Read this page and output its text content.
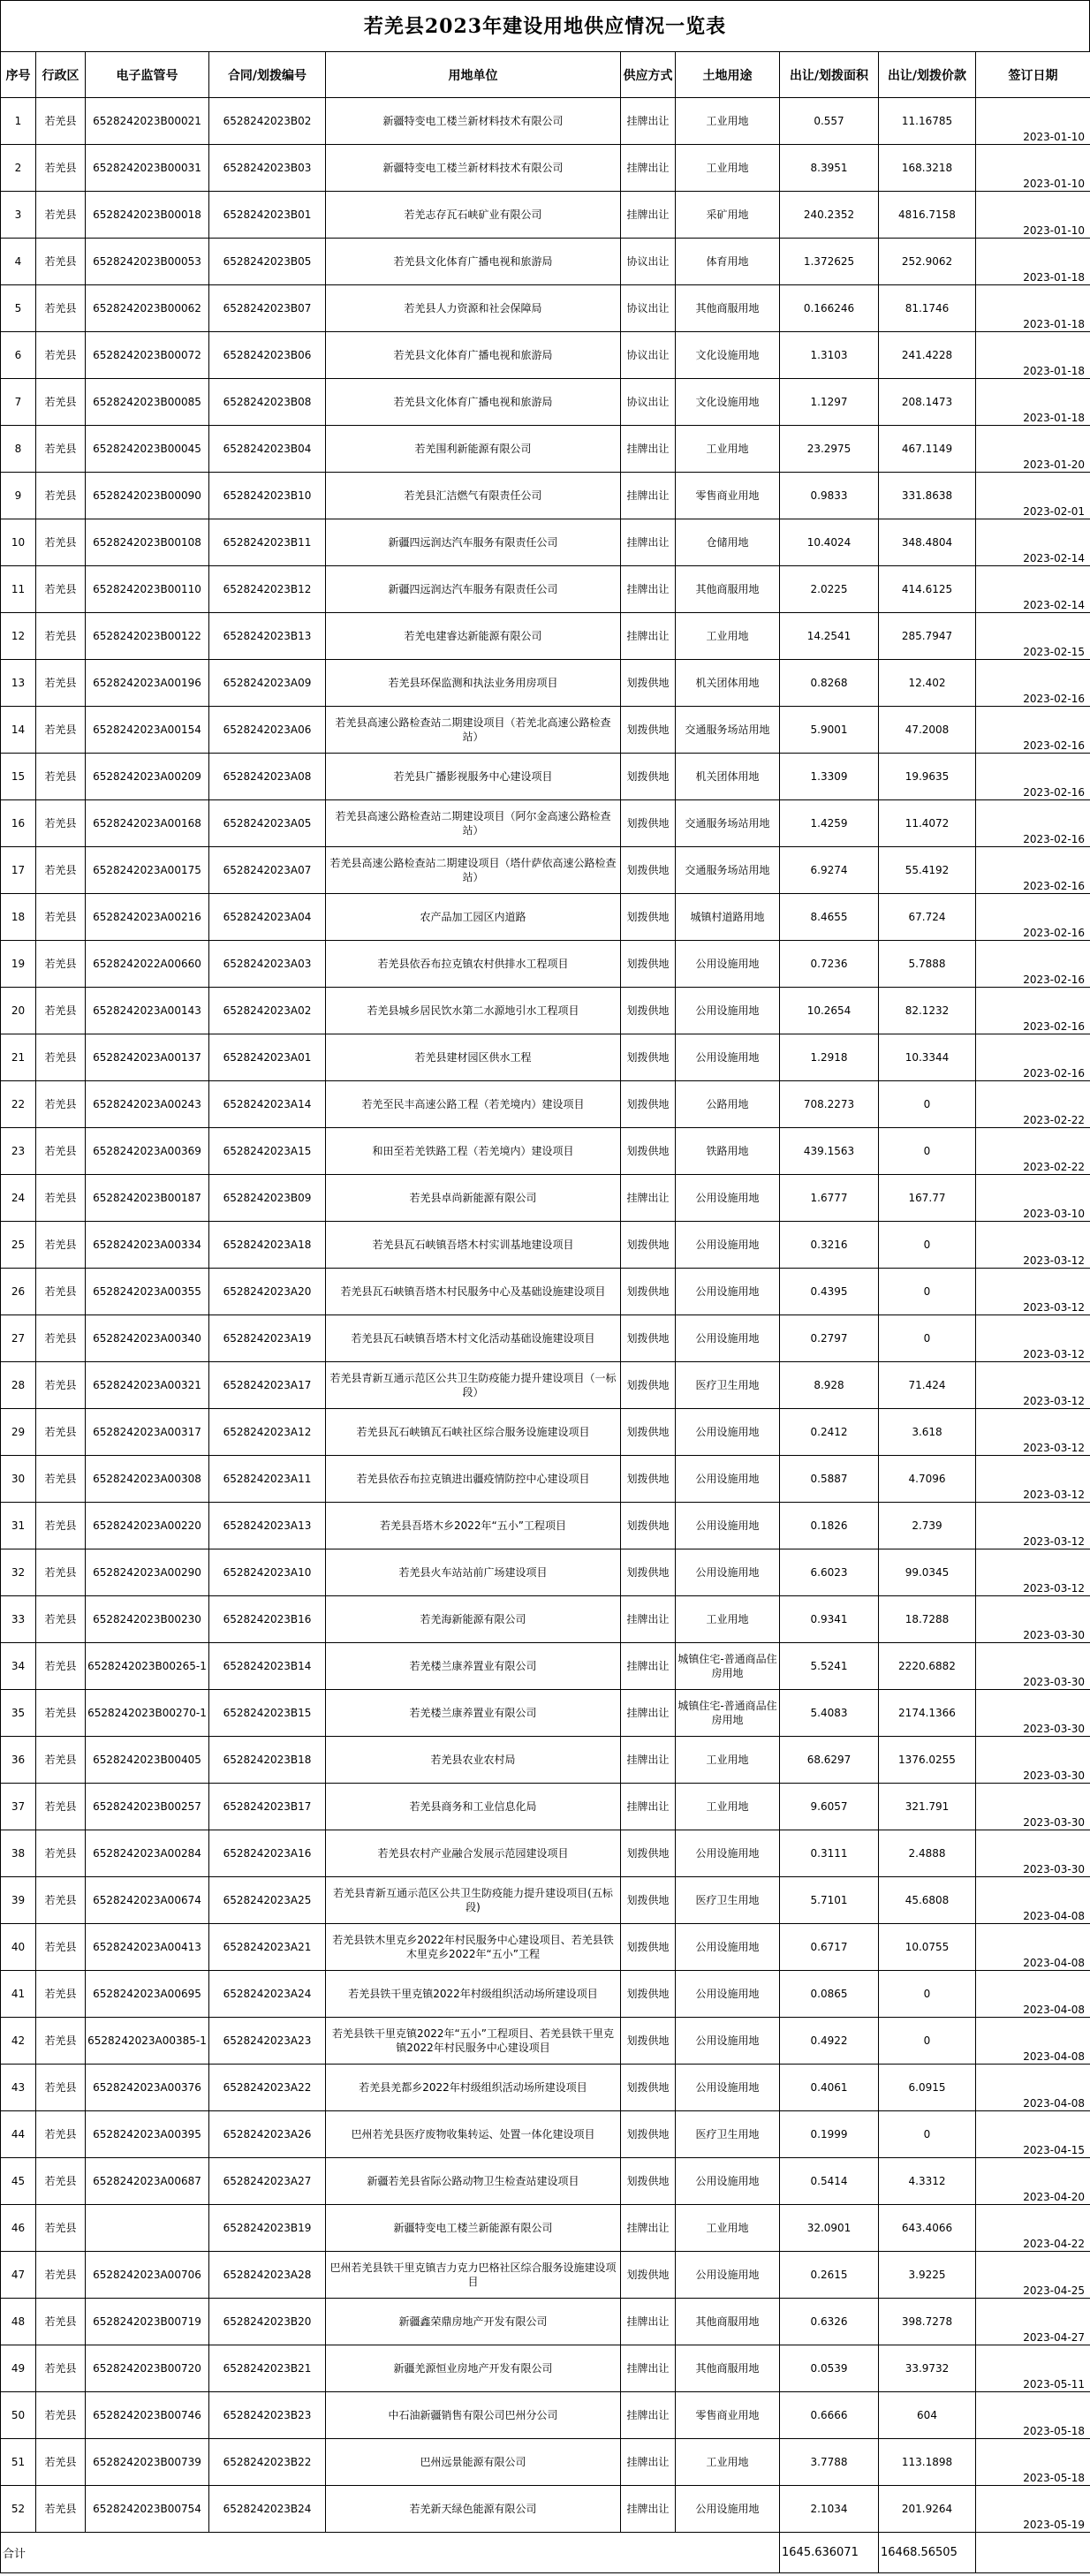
若羌县2023年建设用地供应情况一览表
序号	行政区	电子监管号	合同/划拨编号	用地单位	供应方式	土地用途	出让/划拨面积	出让/划拨价款	签订日期
1	若羌县	6528242023B00021	6528242023B02	新疆特变电工楼兰新材料技术有限公司	挂牌出让	工业用地	0.557	11.16785	2023-01-10
2	若羌县	6528242023B00031	6528242023B03	新疆特变电工楼兰新材料技术有限公司	挂牌出让	工业用地	8.3951	168.3218	2023-01-10
3	若羌县	6528242023B00018	6528242023B01	若羌志存瓦石峡矿业有限公司	挂牌出让	采矿用地	240.2352	4816.7158	2023-01-10
4	若羌县	6528242023B00053	6528242023B05	若羌县文化体育广播电视和旅游局	协议出让	体育用地	1.372625	252.9062	2023-01-18
5	若羌县	6528242023B00062	6528242023B07	若羌县人力资源和社会保障局	协议出让	其他商服用地	0.166246	81.1746	2023-01-18
6	若羌县	6528242023B00072	6528242023B06	若羌县文化体育广播电视和旅游局	协议出让	文化设施用地	1.3103	241.4228	2023-01-18
7	若羌县	6528242023B00085	6528242023B08	若羌县文化体育广播电视和旅游局	协议出让	文化设施用地	1.1297	208.1473	2023-01-18
8	若羌县	6528242023B00045	6528242023B04	若羌围利新能源有限公司	挂牌出让	工业用地	23.2975	467.1149	2023-01-20
9	若羌县	6528242023B00090	6528242023B10	若羌县汇洁燃气有限责任公司	挂牌出让	零售商业用地	0.9833	331.8638	2023-02-01
10	若羌县	6528242023B00108	6528242023B11	新疆四远润达汽车服务有限责任公司	挂牌出让	仓储用地	10.4024	348.4804	2023-02-14
11	若羌县	6528242023B00110	6528242023B12	新疆四远润达汽车服务有限责任公司	挂牌出让	其他商服用地	2.0225	414.6125	2023-02-14
12	若羌县	6528242023B00122	6528242023B13	若羌电建睿达新能源有限公司	挂牌出让	工业用地	14.2541	285.7947	2023-02-15
13	若羌县	6528242023A00196	6528242023A09	若羌县环保监测和执法业务用房项目	划拨供地	机关团体用地	0.8268	12.402	2023-02-16
14	若羌县	6528242023A00154	6528242023A06	若羌县高速公路检查站二期建设项目（若羌北高速公路检查站）	划拨供地	交通服务场站用地	5.9001	47.2008	2023-02-16
15	若羌县	6528242023A00209	6528242023A08	若羌县广播影视服务中心建设项目	划拨供地	机关团体用地	1.3309	19.9635	2023-02-16
16	若羌县	6528242023A00168	6528242023A05	若羌县高速公路检查站二期建设项目（阿尔金高速公路检查站）	划拨供地	交通服务场站用地	1.4259	11.4072	2023-02-16
17	若羌县	6528242023A00175	6528242023A07	若羌县高速公路检查站二期建设项目（塔什萨依高速公路检查站）	划拨供地	交通服务场站用地	6.9274	55.4192	2023-02-16
18	若羌县	6528242023A00216	6528242023A04	农产品加工园区内道路	划拨供地	城镇村道路用地	8.4655	67.724	2023-02-16
19	若羌县	6528242022A00660	6528242023A03	若羌县依吞布拉克镇农村供排水工程项目	划拨供地	公用设施用地	0.7236	5.7888	2023-02-16
20	若羌县	6528242023A00143	6528242023A02	若羌县城乡居民饮水第二水源地引水工程项目	划拨供地	公用设施用地	10.2654	82.1232	2023-02-16
21	若羌县	6528242023A00137	6528242023A01	若羌县建材园区供水工程	划拨供地	公用设施用地	1.2918	10.3344	2023-02-16
22	若羌县	6528242023A00243	6528242023A14	若羌至民丰高速公路工程（若羌境内）建设项目	划拨供地	公路用地	708.2273	0	2023-02-22
23	若羌县	6528242023A00369	6528242023A15	和田至若羌铁路工程（若羌境内）建设项目	划拨供地	铁路用地	439.1563	0	2023-02-22
24	若羌县	6528242023B00187	6528242023B09	若羌县卓尚新能源有限公司	挂牌出让	公用设施用地	1.6777	167.77	2023-03-10
25	若羌县	6528242023A00334	6528242023A18	若羌县瓦石峡镇吾塔木村实训基地建设项目	划拨供地	公用设施用地	0.3216	0	2023-03-12
26	若羌县	6528242023A00355	6528242023A20	若羌县瓦石峡镇吾塔木村民服务中心及基础设施建设项目	划拨供地	公用设施用地	0.4395	0	2023-03-12
27	若羌县	6528242023A00340	6528242023A19	若羌县瓦石峡镇吾塔木村文化活动基础设施建设项目	划拨供地	公用设施用地	0.2797	0	2023-03-12
28	若羌县	6528242023A00321	6528242023A17	若羌县青新互通示范区公共卫生防疫能力提升建设项目（一标段）	划拨供地	医疗卫生用地	8.928	71.424	2023-03-12
29	若羌县	6528242023A00317	6528242023A12	若羌县瓦石峡镇瓦石峡社区综合服务设施建设项目	划拨供地	公用设施用地	0.2412	3.618	2023-03-12
30	若羌县	6528242023A00308	6528242023A11	若羌县依吞布拉克镇进出疆疫情防控中心建设项目	划拨供地	公用设施用地	0.5887	4.7096	2023-03-12
31	若羌县	6528242023A00220	6528242023A13	若羌县吾塔木乡2022年“五小”工程项目	划拨供地	公用设施用地	0.1826	2.739	2023-03-12
32	若羌县	6528242023A00290	6528242023A10	若羌县火车站站前广场建设项目	划拨供地	公用设施用地	6.6023	99.0345	2023-03-12
33	若羌县	6528242023B00230	6528242023B16	若羌海新能源有限公司	挂牌出让	工业用地	0.9341	18.7288	2023-03-30
34	若羌县	6528242023B00265-1	6528242023B14	若羌楼兰康养置业有限公司	挂牌出让	城镇住宅-普通商品住房用地	5.5241	2220.6882	2023-03-30
35	若羌县	6528242023B00270-1	6528242023B15	若羌楼兰康养置业有限公司	挂牌出让	城镇住宅-普通商品住房用地	5.4083	2174.1366	2023-03-30
36	若羌县	6528242023B00405	6528242023B18	若羌县农业农村局	挂牌出让	工业用地	68.6297	1376.0255	2023-03-30
37	若羌县	6528242023B00257	6528242023B17	若羌县商务和工业信息化局	挂牌出让	工业用地	9.6057	321.791	2023-03-30
38	若羌县	6528242023A00284	6528242023A16	若羌县农村产业融合发展示范园建设项目	划拨供地	公用设施用地	0.3111	2.4888	2023-03-30
39	若羌县	6528242023A00674	6528242023A25	若羌县青新互通示范区公共卫生防疫能力提升建设项目(五标段)	划拨供地	医疗卫生用地	5.7101	45.6808	2023-04-08
40	若羌县	6528242023A00413	6528242023A21	若羌县铁木里克乡2022年村民服务中心建设项目、若羌县铁木里克乡2022年“五小”工程	划拨供地	公用设施用地	0.6717	10.0755	2023-04-08
41	若羌县	6528242023A00695	6528242023A24	若羌县铁干里克镇2022年村级组织活动场所建设项目	划拨供地	公用设施用地	0.0865	0	2023-04-08
42	若羌县	6528242023A00385-1	6528242023A23	若羌县铁干里克镇2022年“五小”工程项目、若羌县铁干里克镇2022年村民服务中心建设项目	划拨供地	公用设施用地	0.4922	0	2023-04-08
43	若羌县	6528242023A00376	6528242023A22	若羌县羌都乡2022年村级组织活动场所建设项目	划拨供地	公用设施用地	0.4061	6.0915	2023-04-08
44	若羌县	6528242023A00395	6528242023A26	巴州若羌县医疗废物收集转运、处置一体化建设项目	划拨供地	医疗卫生用地	0.1999	0	2023-04-15
45	若羌县	6528242023A00687	6528242023A27	新疆若羌县省际公路动物卫生检查站建设项目	划拨供地	公用设施用地	0.5414	4.3312	2023-04-20
46	若羌县		6528242023B19	新疆特变电工楼兰新能源有限公司	挂牌出让	工业用地	32.0901	643.4066	2023-04-22
47	若羌县	6528242023A00706	6528242023A28	巴州若羌县铁干里克镇吉力克力巴格社区综合服务设施建设项目	划拨供地	公用设施用地	0.2615	3.9225	2023-04-25
48	若羌县	6528242023B00719	6528242023B20	新疆鑫荣鼎房地产开发有限公司	挂牌出让	其他商服用地	0.6326	398.7278	2023-04-27
49	若羌县	6528242023B00720	6528242023B21	新疆羌源恒业房地产开发有限公司	挂牌出让	其他商服用地	0.0539	33.9732	2023-05-11
50	若羌县	6528242023B00746	6528242023B23	中石油新疆销售有限公司巴州分公司	挂牌出让	零售商业用地	0.6666	604	2023-05-18
51	若羌县	6528242023B00739	6528242023B22	巴州远景能源有限公司	挂牌出让	工业用地	3.7788	113.1898	2023-05-18
52	若羌县	6528242023B00754	6528242023B24	若羌新天绿色能源有限公司	挂牌出让	公用设施用地	2.1034	201.9264	2023-05-19
合计							1645.636071	16468.56505	
